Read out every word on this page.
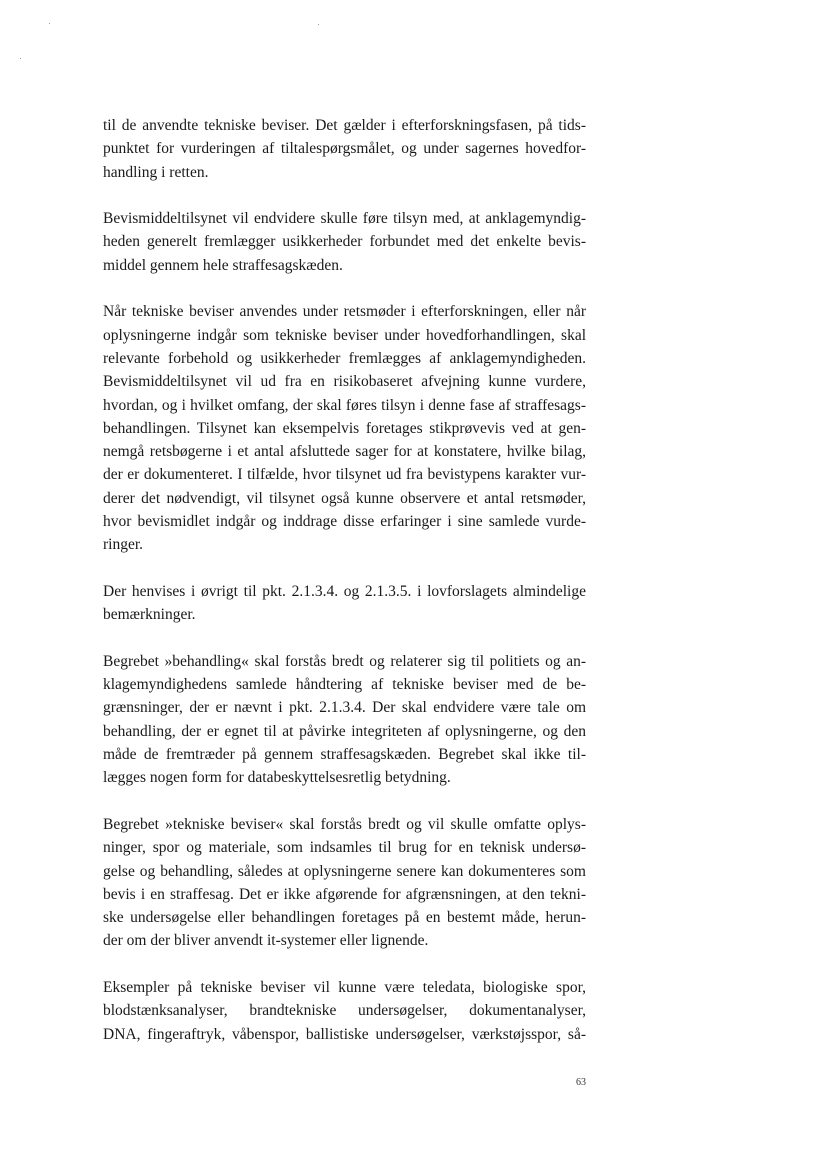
til de anvendte tekniske beviser. Det gælder i efterforskningsfasen, på tids-
punktet for vurderingen af tiltalespørgsmålet, og under sagernes hovedfor-
handling i retten.
Bevismiddeltilsynet vil endvidere skulle føre tilsyn med, at anklagemyndig-
heden generelt fremlægger usikkerheder forbundet med det enkelte bevis-
middel gennem hele straffesagskæden.
Når tekniske beviser anvendes under retsmøder i efterforskningen, eller når
oplysningerne indgår som tekniske beviser under hovedforhandlingen, skal
relevante forbehold og usikkerheder fremlægges af anklagemyndigheden.
Bevismiddeltilsynet vil ud fra en risikobaseret afvejning kunne vurdere,
hvordan, og i hvilket omfang, der skal føres tilsyn i denne fase af straffesags-
behandlingen. Tilsynet kan eksempelvis foretages stikprøvevis ved at gen-
nemgå retsbøgerne i et antal afsluttede sager for at konstatere, hvilke bilag,
der er dokumenteret. I tilfælde, hvor tilsynet ud fra bevistypens karakter vur-
derer det nødvendigt, vil tilsynet også kunne observere et antal retsmøder,
hvor bevismidlet indgår og inddrage disse erfaringer i sine samlede vurde-
ringer.
Der henvises i øvrigt til pkt. 2.1.3.4. og 2.1.3.5. i lovforslagets almindelige
bemærkninger.
Begrebet »behandling« skal forstås bredt og relaterer sig til politiets og an-
klagemyndighedens samlede håndtering af tekniske beviser med de be-
grænsninger, der er nævnt i pkt. 2.1.3.4. Der skal endvidere være tale om
behandling, der er egnet til at påvirke integriteten af oplysningerne, og den
måde de fremtræder på gennem straffesagskæden. Begrebet skal ikke til-
lægges nogen form for databeskyttelsesretlig betydning.
Begrebet »tekniske beviser« skal forstås bredt og vil skulle omfatte oplys-
ninger, spor og materiale, som indsamles til brug for en teknisk undersø-
gelse og behandling, således at oplysningerne senere kan dokumenteres som
bevis i en straffesag. Det er ikke afgørende for afgrænsningen, at den tekni-
ske undersøgelse eller behandlingen foretages på en bestemt måde, herun-
der om der bliver anvendt it-systemer eller lignende.
Eksempler på tekniske beviser vil kunne være teledata, biologiske spor,
blodstænksanalyser, brandtekniske undersøgelser, dokumentanalyser,
DNA, fingeraftryk, våbenspor, ballistiske undersøgelser, værkstøjsspor, så-
63
